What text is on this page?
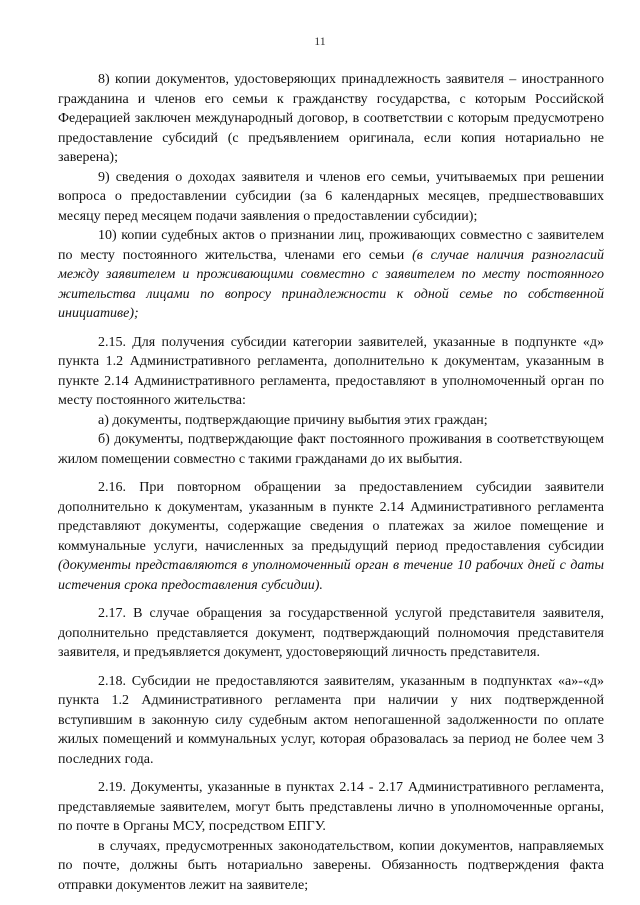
11

8) копии документов, удостоверяющих принадлежность заявителя – иностранного гражданина и членов его семьи к гражданству государства, с которым Российской Федерацией заключен международный договор, в соответствии с которым предусмотрено предоставление субсидий (с предъявлением оригинала, если копия нотариально не заверена);

9) сведения о доходах заявителя и членов его семьи, учитываемых при решении вопроса о предоставлении субсидии (за 6 календарных месяцев, предшествовавших месяцу перед месяцем подачи заявления о предоставлении субсидии);

10) копии судебных актов о признании лиц, проживающих совместно с заявителем по месту постоянного жительства, членами его семьи (в случае наличия разногласий между заявителем и проживающими совместно с заявителем по месту постоянного жительства лицами по вопросу принадлежности к одной семье по собственной инициативе);

2.15. Для получения субсидии категории заявителей, указанные в подпункте «д» пункта 1.2 Административного регламента, дополнительно к документам, указанным в пункте 2.14 Административного регламента, предоставляют в уполномоченный орган по месту постоянного жительства:

а) документы, подтверждающие причину выбытия этих граждан;

б) документы, подтверждающие факт постоянного проживания в соответствующем жилом помещении совместно с такими гражданами до их выбытия.

2.16. При повторном обращении за предоставлением субсидии заявители дополнительно к документам, указанным в пункте 2.14 Административного регламента представляют документы, содержащие сведения о платежах за жилое помещение и коммунальные услуги, начисленных за предыдущий период предоставления субсидии (документы представляются в уполномоченный орган в течение 10 рабочих дней с даты истечения срока предоставления субсидии).

2.17. В случае обращения за государственной услугой представителя заявителя, дополнительно представляется документ, подтверждающий полномочия представителя заявителя, и предъявляется документ, удостоверяющий личность представителя.

2.18. Субсидии не предоставляются заявителям, указанным в подпунктах «а»-«д» пункта 1.2 Административного регламента при наличии у них подтвержденной вступившим в законную силу судебным актом непогашенной задолженности по оплате жилых помещений и коммунальных услуг, которая образовалась за период не более чем 3 последних года.

2.19. Документы, указанные в пунктах 2.14 - 2.17 Административного регламента, представляемые заявителем, могут быть представлены лично в уполномоченные органы, по почте в Органы МСУ, посредством ЕПГУ.

в случаях, предусмотренных законодательством, копии документов, направляемых по почте, должны быть нотариально заверены. Обязанность подтверждения факта отправки документов лежит на заявителе;
